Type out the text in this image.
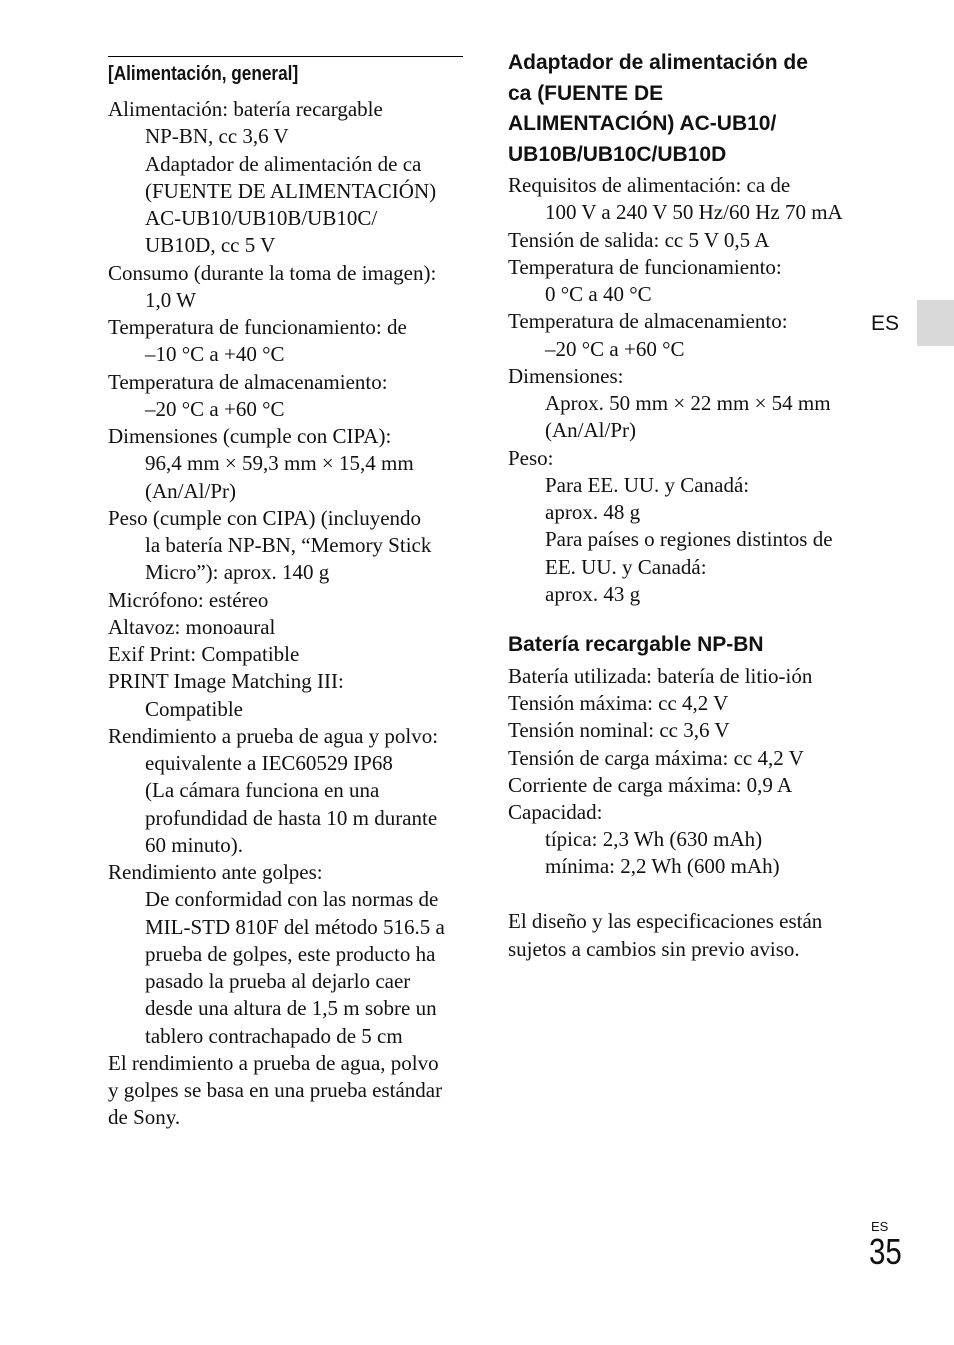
[Alimentación, general]
Alimentación: batería recargable
NP-BN, cc 3,6 V
Adaptador de alimentación de ca
(FUENTE DE ALIMENTACIÓN)
AC-UB10/UB10B/UB10C/
UB10D, cc 5 V
Consumo (durante la toma de imagen):
1,0 W
Temperatura de funcionamiento: de
–10 °C a +40 °C
Temperatura de almacenamiento:
–20 °C a +60 °C
Dimensiones (cumple con CIPA):
96,4 mm × 59,3 mm × 15,4 mm
(An/Al/Pr)
Peso (cumple con CIPA) (incluyendo
la batería NP-BN, “Memory Stick
Micro”): aprox. 140 g
Micrófono: estéreo
Altavoz: monoaural
Exif Print: Compatible
PRINT Image Matching III:
Compatible
Rendimiento a prueba de agua y polvo:
equivalente a IEC60529 IP68
(La cámara funciona en una
profundidad de hasta 10 m durante
60 minuto).
Rendimiento ante golpes:
De conformidad con las normas de
MIL-STD 810F del método 516.5 a
prueba de golpes, este producto ha
pasado la prueba al dejarlo caer
desde una altura de 1,5 m sobre un
tablero contrachapado de 5 cm
El rendimiento a prueba de agua, polvo
y golpes se basa en una prueba estándar
de Sony.
Adaptador de alimentación de
ca (FUENTE DE
ALIMENTACIÓN) AC-UB10/
UB10B/UB10C/UB10D
Requisitos de alimentación: ca de
100 V a 240 V 50 Hz/60 Hz 70 mA
Tensión de salida: cc 5 V 0,5 A
Temperatura de funcionamiento:
0 °C a 40 °C
Temperatura de almacenamiento:
–20 °C a +60 °C
Dimensiones:
Aprox. 50 mm × 22 mm × 54 mm
(An/Al/Pr)
Peso:
Para EE. UU. y Canadá:
aprox. 48 g
Para países o regiones distintos de
EE. UU. y Canadá:
aprox. 43 g
Batería recargable NP-BN
Batería utilizada: batería de litio-ión
Tensión máxima: cc 4,2 V
Tensión nominal: cc 3,6 V
Tensión de carga máxima: cc 4,2 V
Corriente de carga máxima: 0,9 A
Capacidad:
típica: 2,3 Wh (630 mAh)
mínima: 2,2 Wh (600 mAh)
El diseño y las especificaciones están
sujetos a cambios sin previo aviso.
ES
ES
35
